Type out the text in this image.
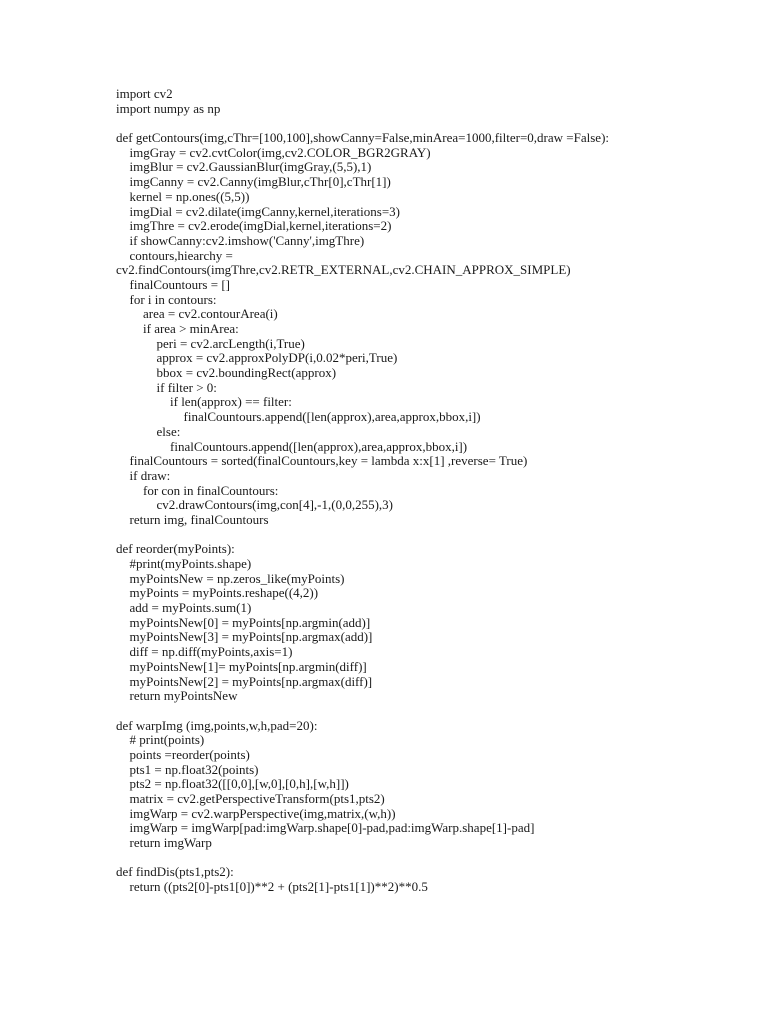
import cv2
import numpy as np
def getContours(img,cThr=[100,100],showCanny=False,minArea=1000,filter=0,draw =False):
imgGray = cv2.cvtColor(img,cv2.COLOR_BGR2GRAY)
imgBlur = cv2.GaussianBlur(imgGray,(5,5),1)
imgCanny = cv2.Canny(imgBlur,cThr[0],cThr[1])
kernel = np.ones((5,5))
imgDial = cv2.dilate(imgCanny,kernel,iterations=3)
imgThre = cv2.erode(imgDial,kernel,iterations=2)
if showCanny:cv2.imshow('Canny',imgThre)
contours,hiearchy =
cv2.findContours(imgThre,cv2.RETR_EXTERNAL,cv2.CHAIN_APPROX_SIMPLE)
finalCountours = []
for i in contours:
area = cv2.contourArea(i)
if area > minArea:
peri = cv2.arcLength(i,True)
approx = cv2.approxPolyDP(i,0.02*peri,True)
bbox = cv2.boundingRect(approx)
if filter > 0:
if len(approx) == filter:
finalCountours.append([len(approx),area,approx,bbox,i])
else:
finalCountours.append([len(approx),area,approx,bbox,i])
finalCountours = sorted(finalCountours,key = lambda x:x[1] ,reverse= True)
if draw:
for con in finalCountours:
cv2.drawContours(img,con[4],-1,(0,0,255),3)
return img, finalCountours
def reorder(myPoints):
#print(myPoints.shape)
myPointsNew = np.zeros_like(myPoints)
myPoints = myPoints.reshape((4,2))
add = myPoints.sum(1)
myPointsNew[0] = myPoints[np.argmin(add)]
myPointsNew[3] = myPoints[np.argmax(add)]
diff = np.diff(myPoints,axis=1)
myPointsNew[1]= myPoints[np.argmin(diff)]
myPointsNew[2] = myPoints[np.argmax(diff)]
return myPointsNew
def warpImg (img,points,w,h,pad=20):
# print(points)
points =reorder(points)
pts1 = np.float32(points)
pts2 = np.float32([[0,0],[w,0],[0,h],[w,h]])
matrix = cv2.getPerspectiveTransform(pts1,pts2)
imgWarp = cv2.warpPerspective(img,matrix,(w,h))
imgWarp = imgWarp[pad:imgWarp.shape[0]-pad,pad:imgWarp.shape[1]-pad]
return imgWarp
def findDis(pts1,pts2):
return ((pts2[0]-pts1[0])**2 + (pts2[1]-pts1[1])**2)**0.5
